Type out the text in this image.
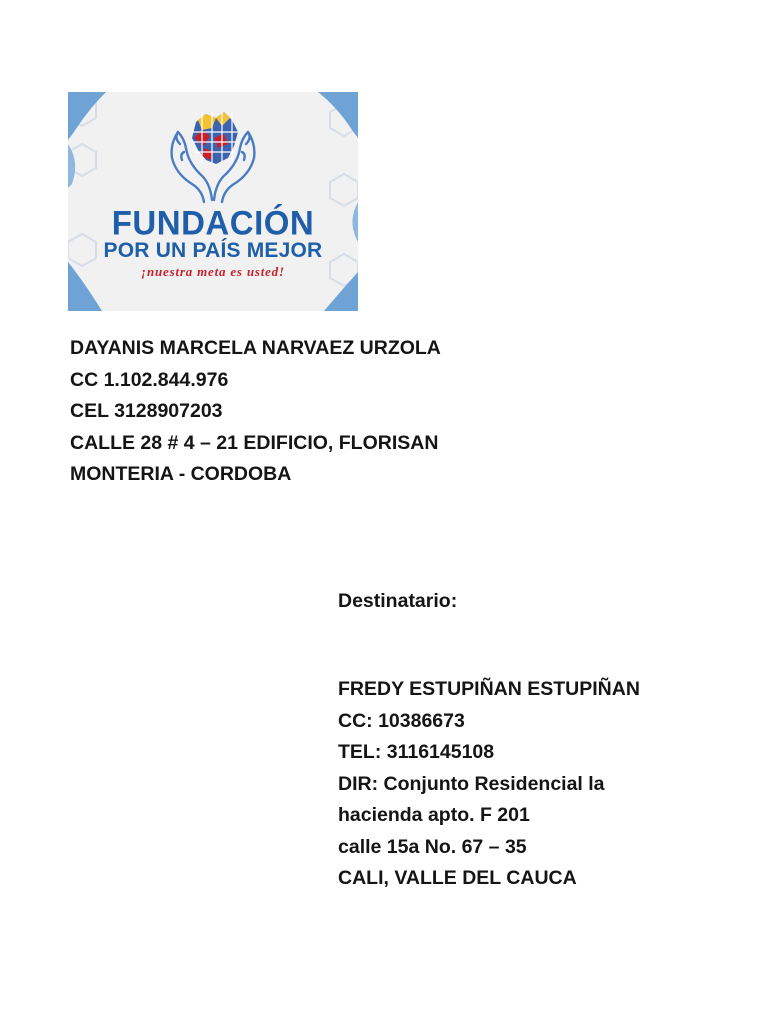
FUNDACIÓN
POR UN PAÍS MEJOR
¡nuestra meta es usted!
DAYANIS MARCELA NARVAEZ URZOLA
CC 1.102.844.976
CEL 3128907203
CALLE 28 # 4 – 21 EDIFICIO, FLORISAN
MONTERIA - CORDOBA
Destinatario:
FREDY ESTUPIÑAN ESTUPIÑAN
CC: 10386673
TEL: 3116145108
DIR: Conjunto Residencial la
hacienda apto. F 201
calle 15a No. 67 – 35
CALI, VALLE DEL CAUCA
